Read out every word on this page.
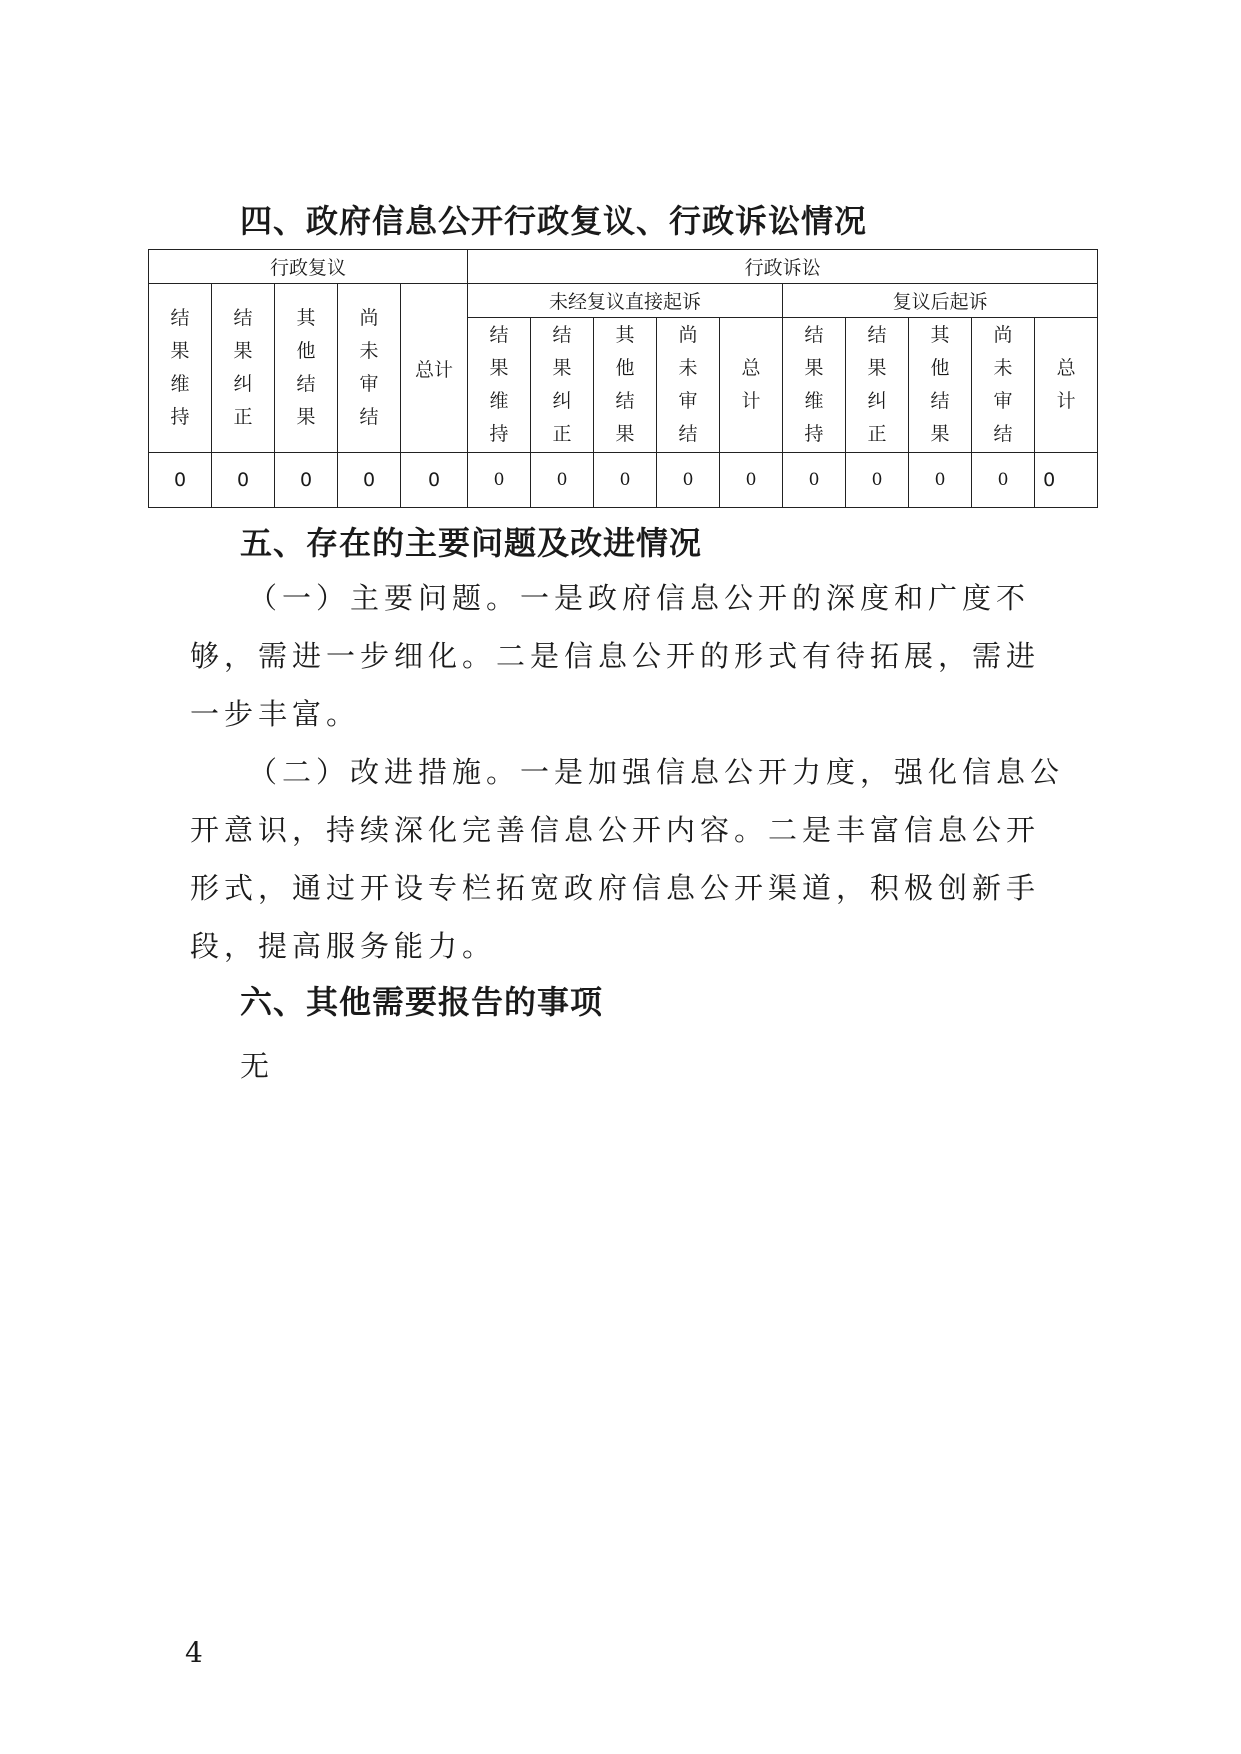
四、政府信息公开行政复议、行政诉讼情况
行政复议					行政诉讼									
结果维持	结果纠正	其他结果	尚未审结	总计	未经复议直接起诉					复议后起诉				
					结果维持	结果纠正	其他结果	尚未审结	总计	结果维持	结果纠正	其他结果	尚未审结	总计
0	0	0	0	0	0	0	0	0	0	0	0	0	0	0
五、存在的主要问题及改进情况

（一）主要问题。一是政府信息公开的深度和广度不够，需进一步细化。二是信息公开的形式有待拓展，需进一步丰富。

（二）改进措施。一是加强信息公开力度，强化信息公开意识，持续深化完善信息公开内容。二是丰富信息公开形式，通过开设专栏拓宽政府信息公开渠道，积极创新手段，提高服务能力。

六、其他需要报告的事项

无

4
